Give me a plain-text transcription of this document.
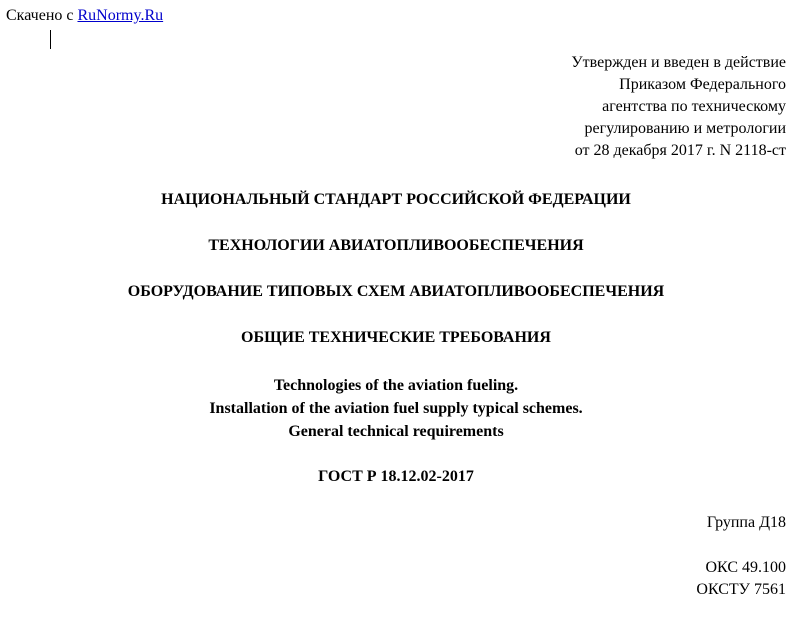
Скачено с RuNormy.Ru
Утвержден и введен в действие
Приказом Федерального
агентства по техническому
регулированию и метрологии
от 28 декабря 2017 г. N 2118-ст
НАЦИОНАЛЬНЫЙ СТАНДАРТ РОССИЙСКОЙ ФЕДЕРАЦИИ
ТЕХНОЛОГИИ АВИАТОПЛИВООБЕСПЕЧЕНИЯ
ОБОРУДОВАНИЕ ТИПОВЫХ СХЕМ АВИАТОПЛИВООБЕСПЕЧЕНИЯ
ОБЩИЕ ТЕХНИЧЕСКИЕ ТРЕБОВАНИЯ
Technologies of the aviation fueling.
Installation of the aviation fuel supply typical schemes.
General technical requirements
ГОСТ Р 18.12.02-2017
Группа Д18
ОКС 49.100
ОКСТУ 7561
